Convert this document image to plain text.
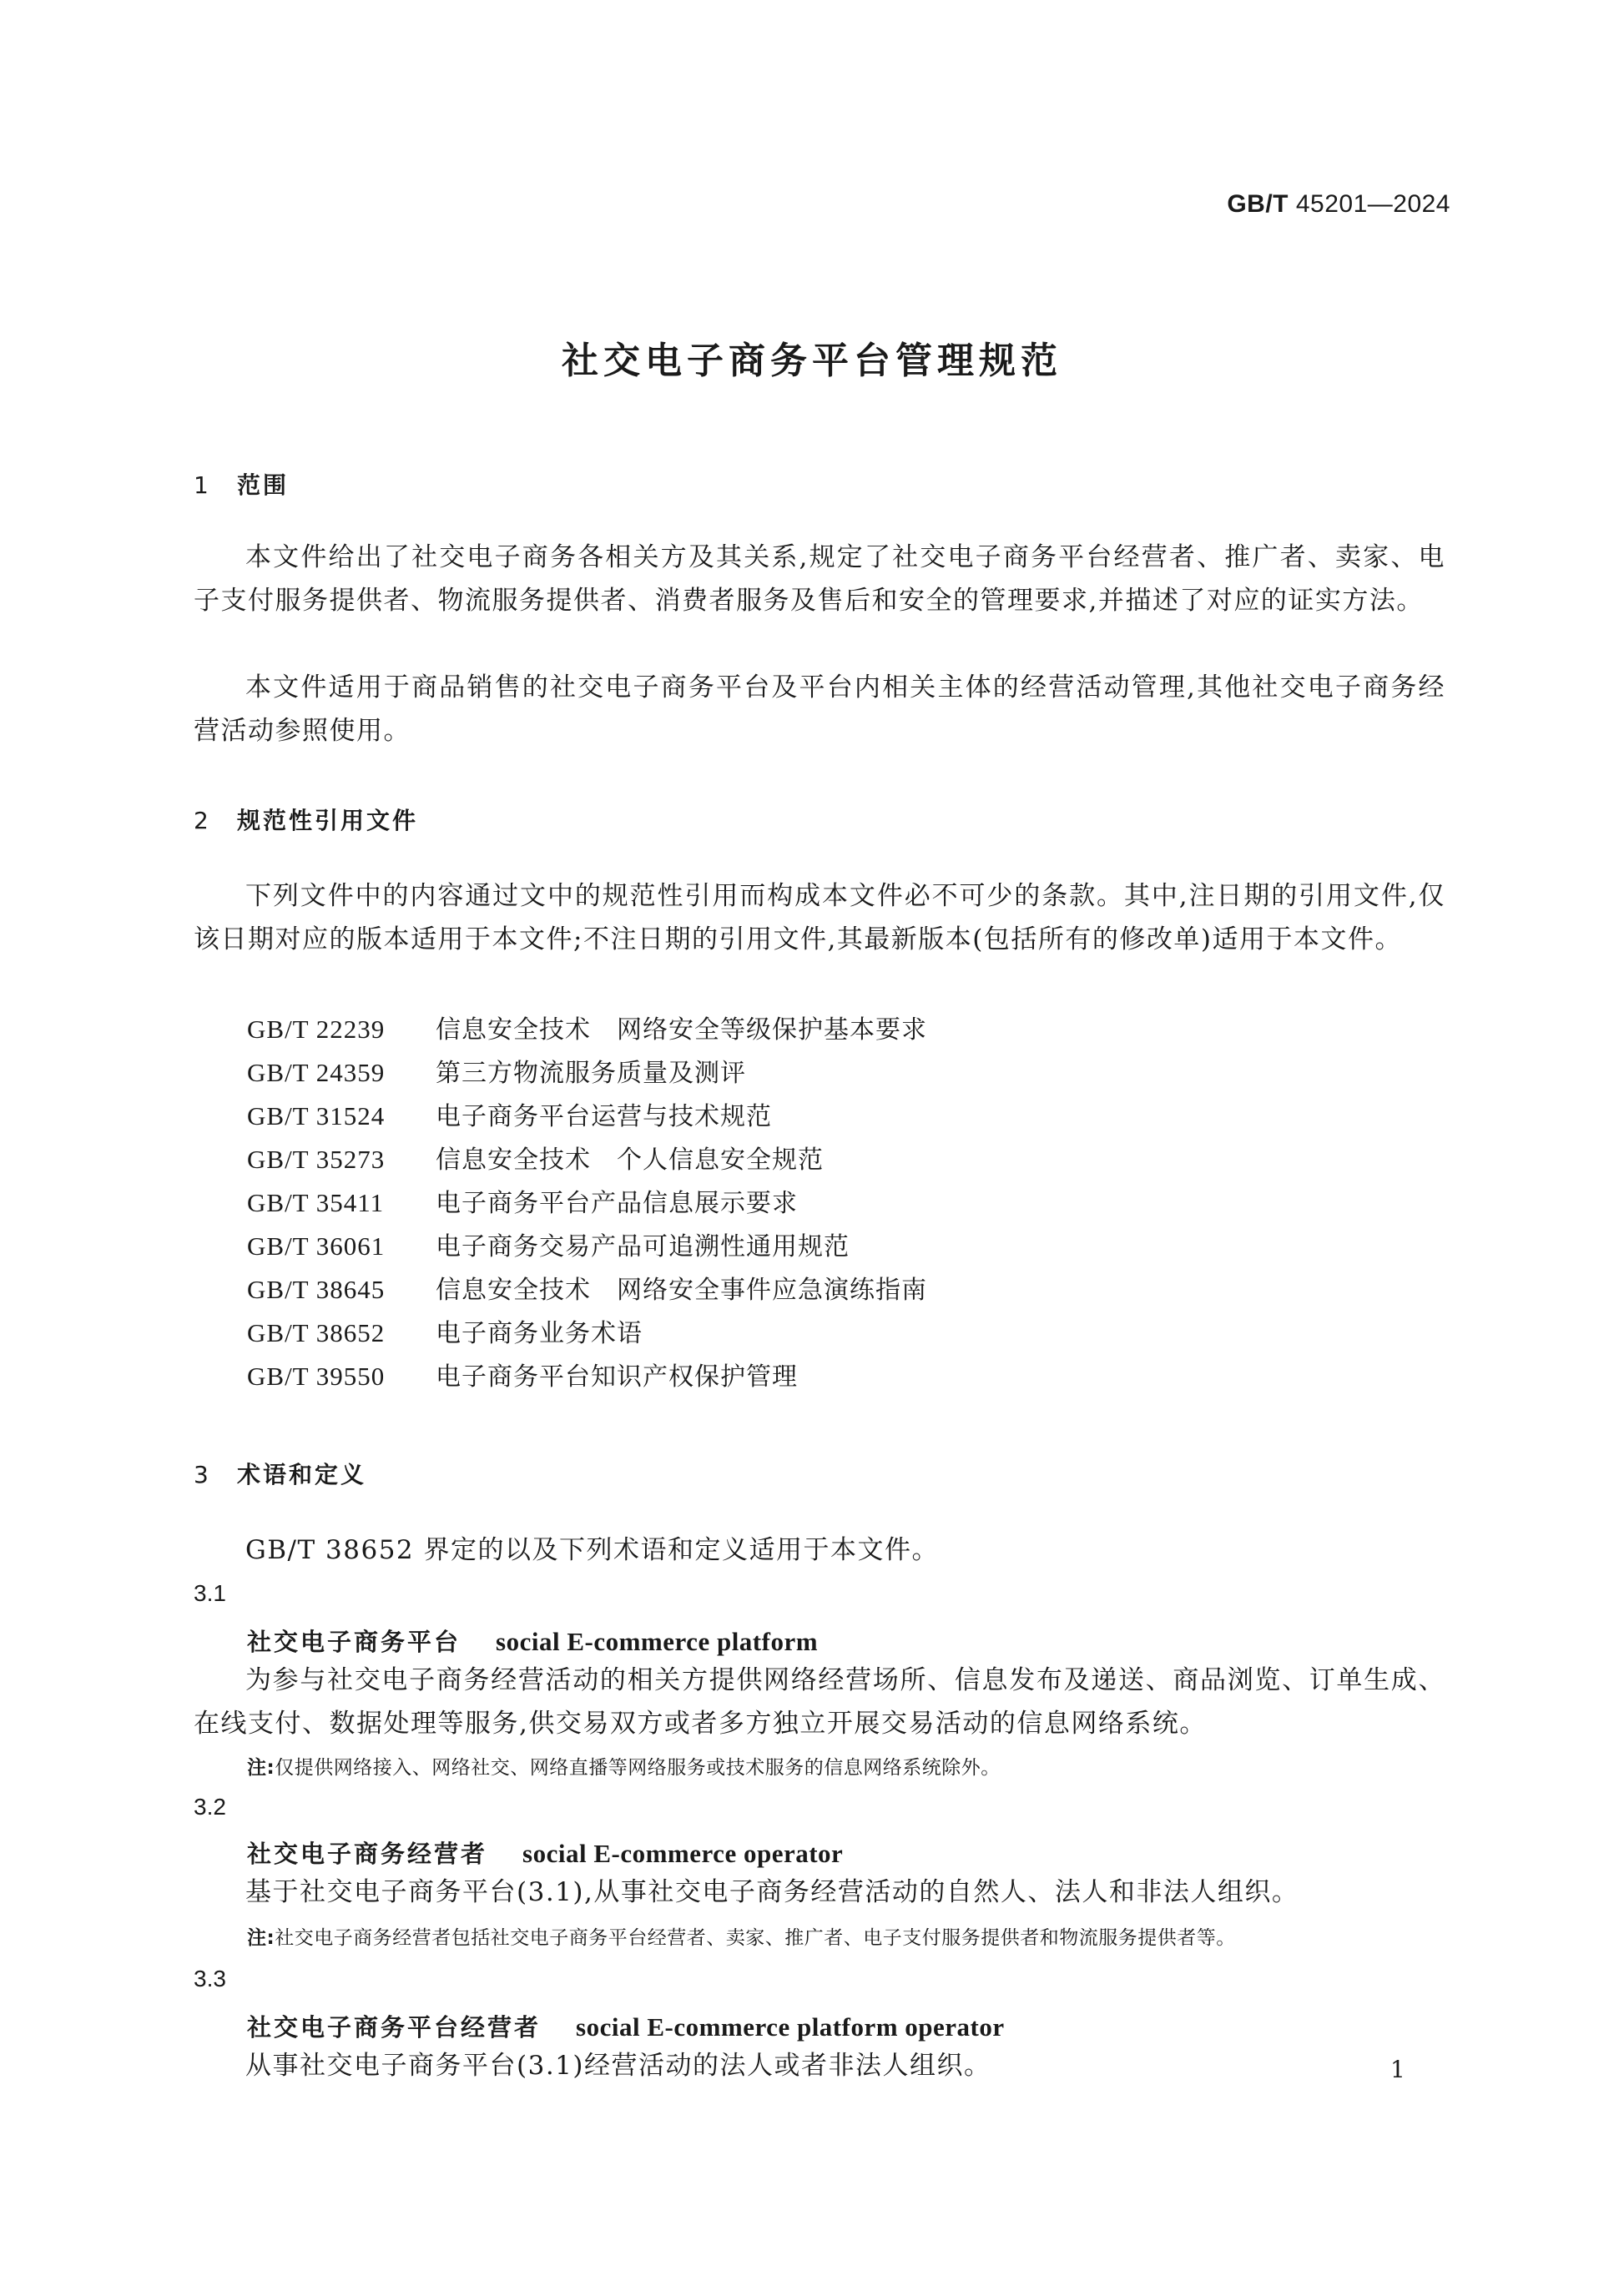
GB/T 45201—2024
社交电子商务平台管理规范
1 范围
本文件给出了社交电子商务各相关方及其关系,规定了社交电子商务平台经营者、推广者、卖家、电子支付服务提供者、物流服务提供者、消费者服务及售后和安全的管理要求,并描述了对应的证实方法。
本文件适用于商品销售的社交电子商务平台及平台内相关主体的经营活动管理,其他社交电子商务经营活动参照使用。
2 规范性引用文件
下列文件中的内容通过文中的规范性引用而构成本文件必不可少的条款。其中,注日期的引用文件,仅该日期对应的版本适用于本文件;不注日期的引用文件,其最新版本(包括所有的修改单)适用于本文件。
GB/T 22239 信息安全技术　网络安全等级保护基本要求
GB/T 24359 第三方物流服务质量及测评
GB/T 31524 电子商务平台运营与技术规范
GB/T 35273 信息安全技术　个人信息安全规范
GB/T 35411 电子商务平台产品信息展示要求
GB/T 36061 电子商务交易产品可追溯性通用规范
GB/T 38645 信息安全技术　网络安全事件应急演练指南
GB/T 38652 电子商务业务术语
GB/T 39550 电子商务平台知识产权保护管理
3 术语和定义
GB/T 38652 界定的以及下列术语和定义适用于本文件。
3.1
社交电子商务平台 social E-commerce platform
为参与社交电子商务经营活动的相关方提供网络经营场所、信息发布及递送、商品浏览、订单生成、在线支付、数据处理等服务,供交易双方或者多方独立开展交易活动的信息网络系统。
注:仅提供网络接入、网络社交、网络直播等网络服务或技术服务的信息网络系统除外。
3.2
社交电子商务经营者 social E-commerce operator
基于社交电子商务平台(3.1),从事社交电子商务经营活动的自然人、法人和非法人组织。
注:社交电子商务经营者包括社交电子商务平台经营者、卖家、推广者、电子支付服务提供者和物流服务提供者等。
3.3
社交电子商务平台经营者 social E-commerce platform operator
从事社交电子商务平台(3.1)经营活动的法人或者非法人组织。	1
